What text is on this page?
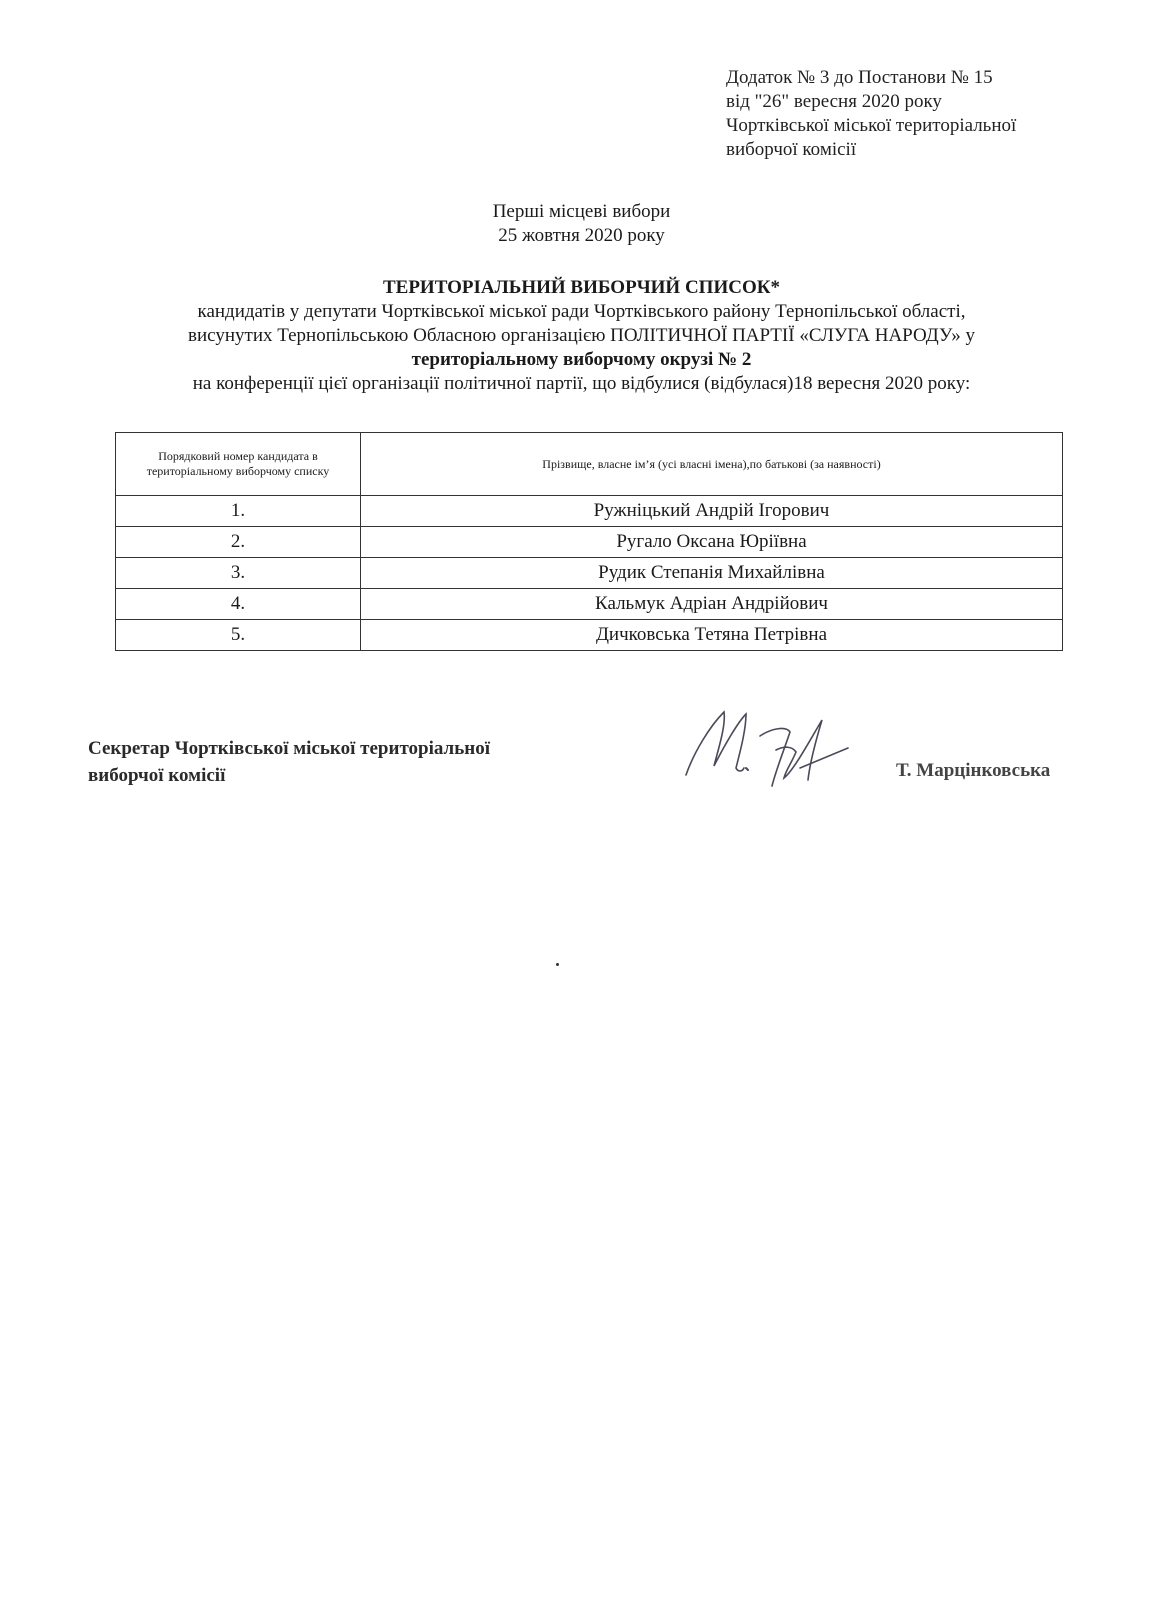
Додаток № 3 до Постанови № 15
від "26" вересня 2020 року
Чортківської міської територіальної
виборчої комісії
Перші місцеві вибори
25 жовтня 2020 року
ТЕРИТОРІАЛЬНИЙ ВИБОРЧИЙ СПИСОК*
кандидатів у депутати Чортківської міської ради Чортківського району Тернопільської області,
висунутих Тернопільською Обласною організацією ПОЛІТИЧНОЇ ПАРТІЇ «СЛУГА НАРОДУ» у
територіальному виборчому окрузі № 2
на конференції цієї організації політичної партії, що відбулися (відбулася)18 вересня 2020 року:
Порядковий номер кандидата в територіальному виборчому списку	Прізвище, власне ім’я (усі власні імена),по батькові (за наявності)
1.	Ружніцький Андрій Ігорович
2.	Ругало Оксана Юріївна
3.	Рудик Степанія Михайлівна
4.	Кальмук Адріан Андрійович
5.	Дичковська Тетяна Петрівна
Секретар Чортківської міської територіальної
виборчої комісії	Т. Марцінковська
